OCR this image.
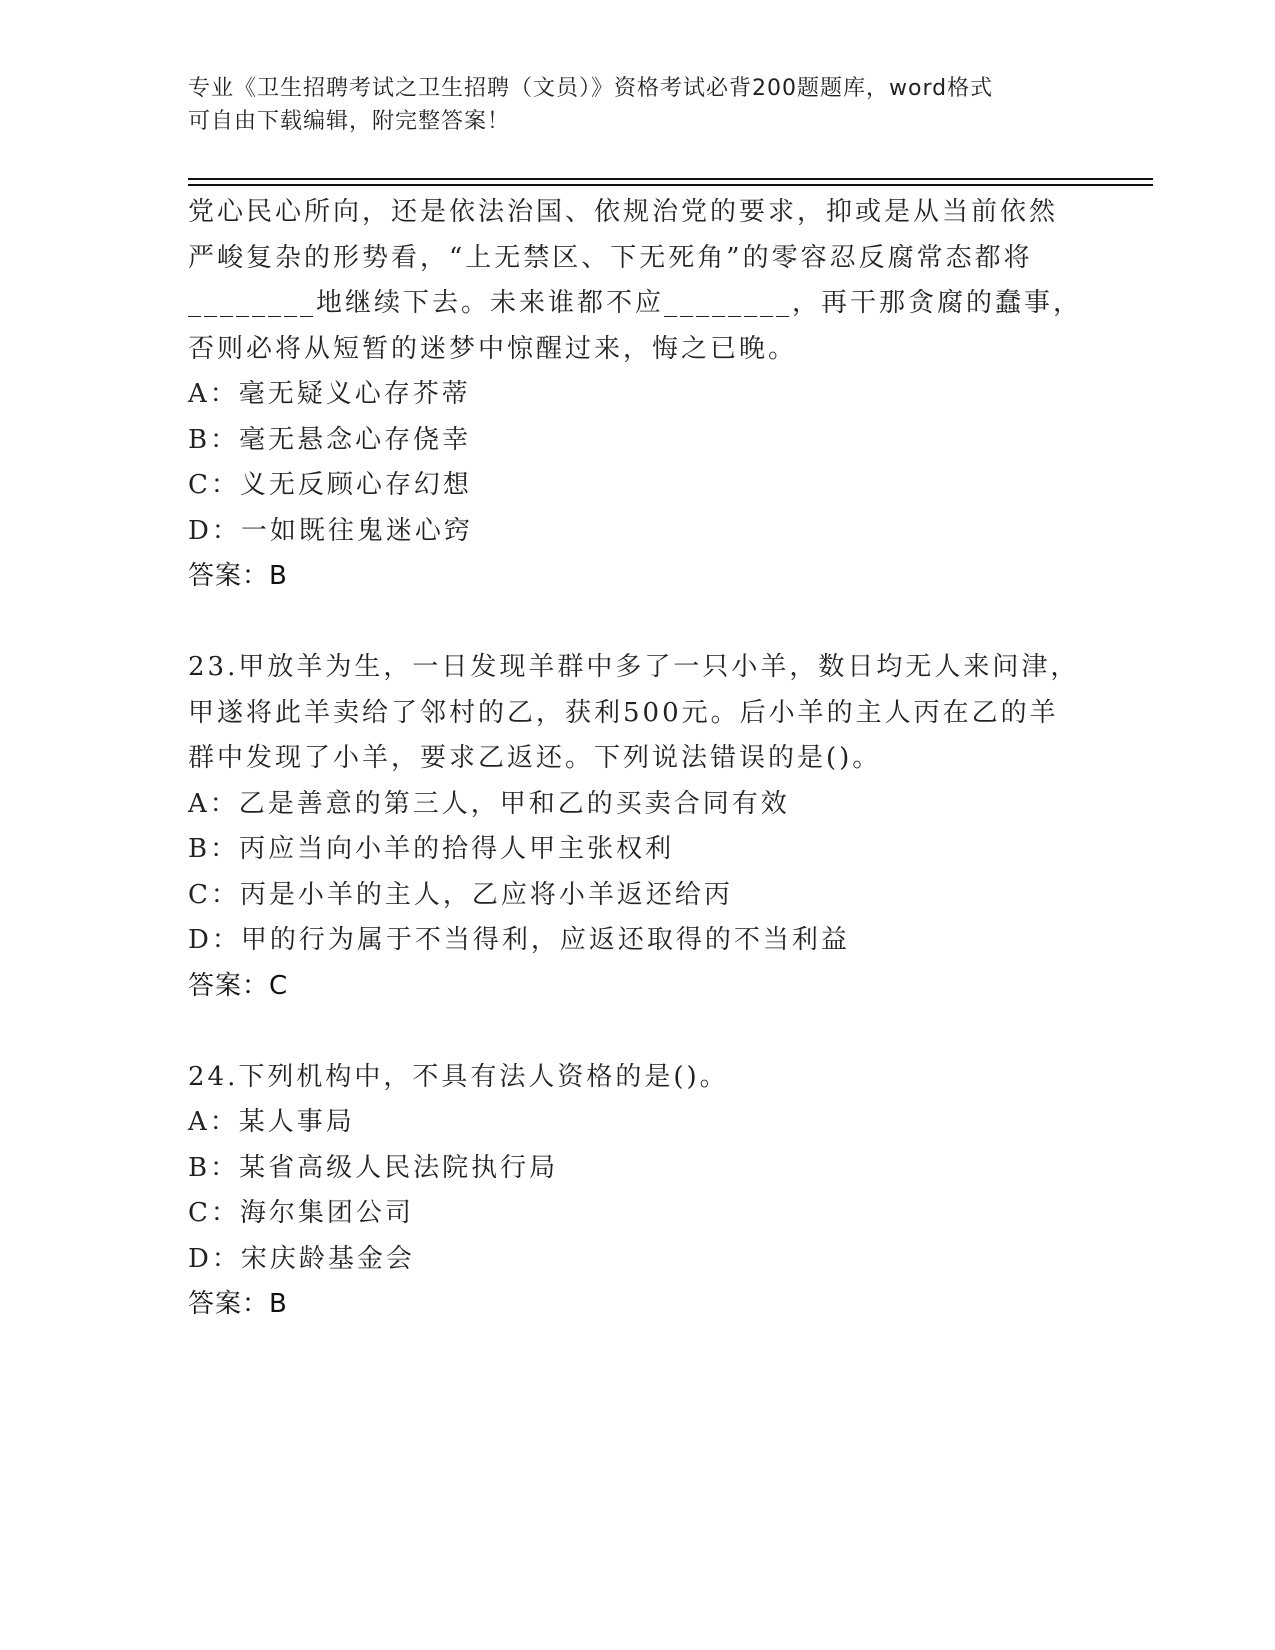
专业《卫生招聘考试之卫生招聘（文员）》资格考试必背200题题库，word格式
可自由下载编辑，附完整答案！
党心民心所向，还是依法治国、依规治党的要求，抑或是从当前依然
严峻复杂的形势看，“上无禁区、下无死角”的零容忍反腐常态都将
________地继续下去。未来谁都不应________，再干那贪腐的蠢事，
否则必将从短暂的迷梦中惊醒过来，悔之已晚。
A：毫无疑义心存芥蒂
B：毫无悬念心存侥幸
C：义无反顾心存幻想
D：一如既往鬼迷心窍
答案：B
23.甲放羊为生，一日发现羊群中多了一只小羊，数日均无人来问津，
甲遂将此羊卖给了邻村的乙，获利500元。后小羊的主人丙在乙的羊
群中发现了小羊，要求乙返还。下列说法错误的是()。
A：乙是善意的第三人，甲和乙的买卖合同有效
B：丙应当向小羊的拾得人甲主张权利
C：丙是小羊的主人，乙应将小羊返还给丙
D：甲的行为属于不当得利，应返还取得的不当利益
答案：C
24.下列机构中，不具有法人资格的是()。
A：某人事局
B：某省高级人民法院执行局
C：海尔集团公司
D：宋庆龄基金会
答案：B
